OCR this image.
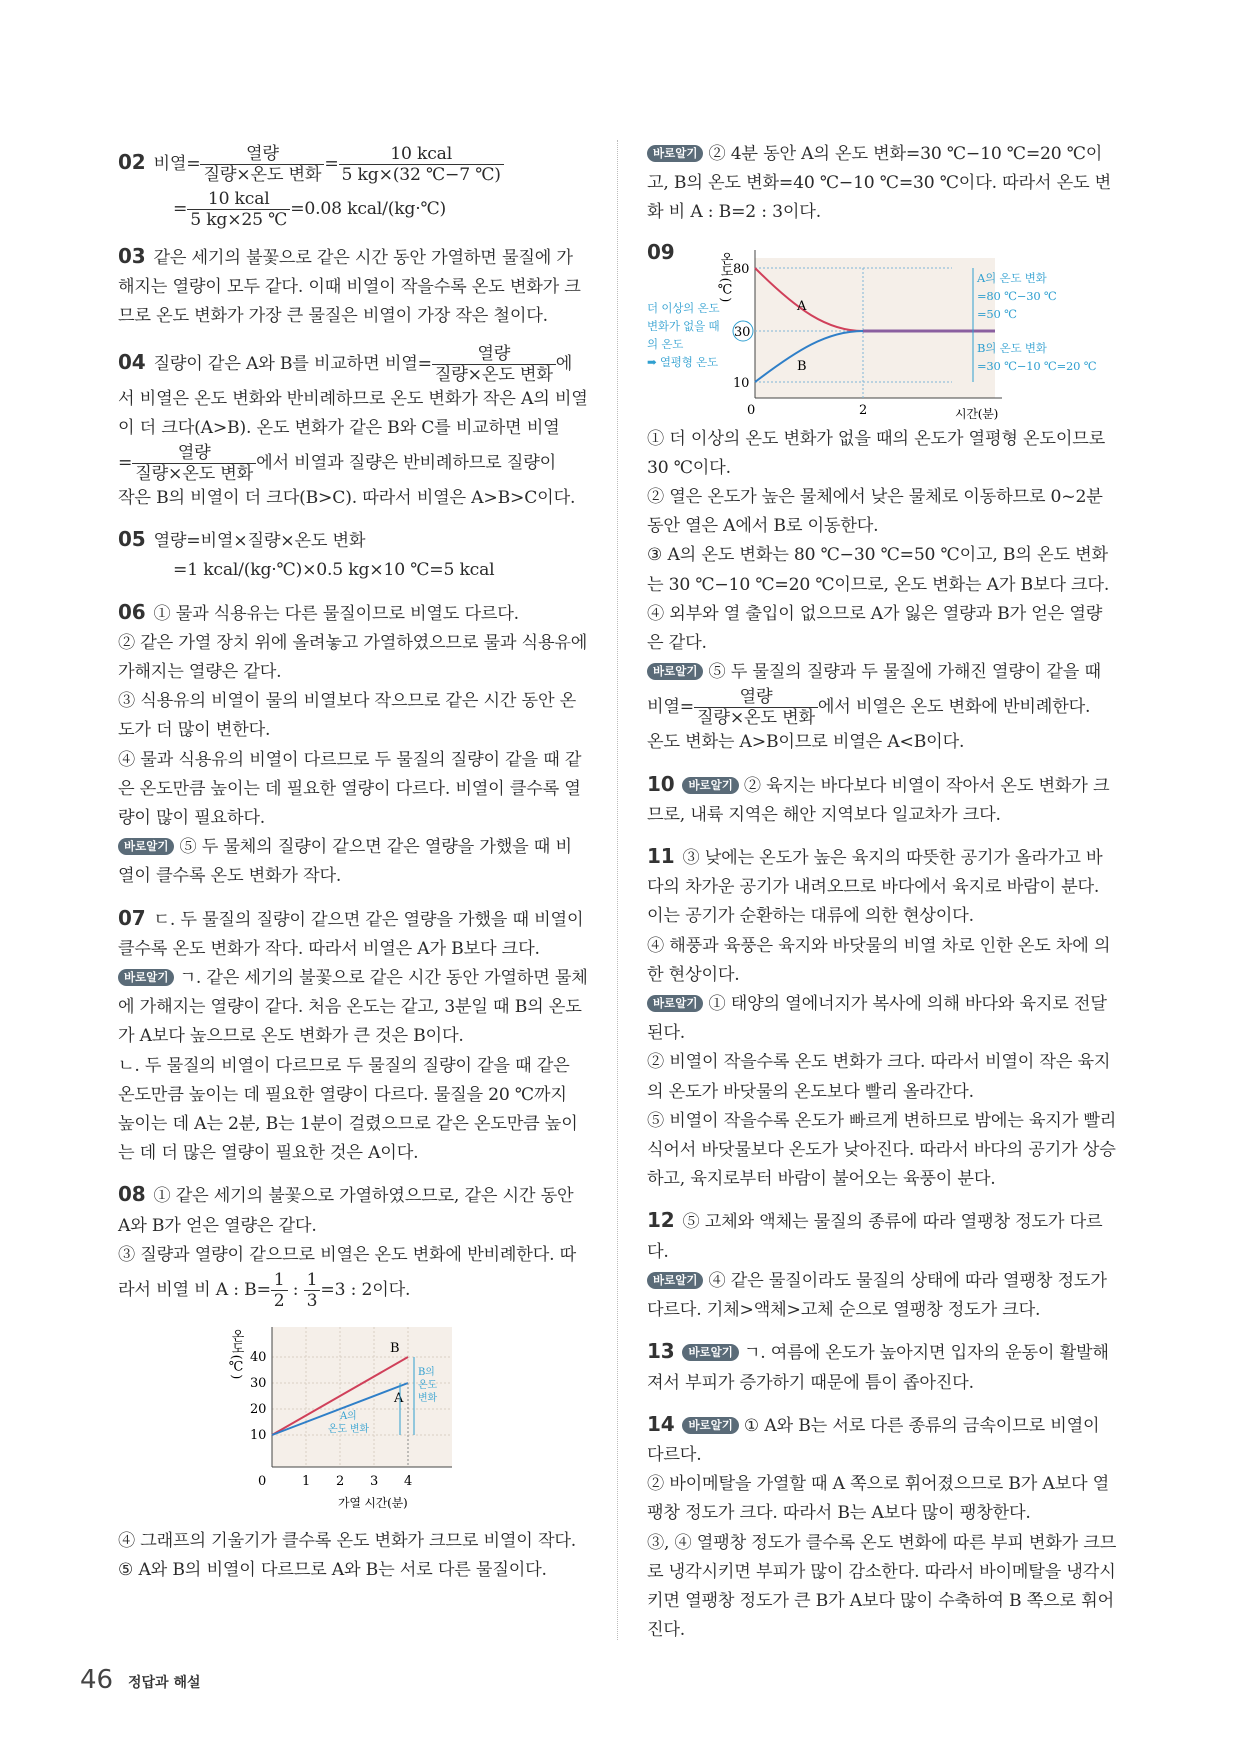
02 비열= $\frac{\text{열량}}{\text{질량×온도 변화}} = \frac{\text{10 kcal}}{5 kg\times(32 ℃-7 ℃)}$

= $\frac{\text{10 kcal}}{5 kg\times 25 ℃} =0.08$ kcal/(kg·℃)

03 같은 세기의 불꽃으로 같은 시간 동안 가열하면 물질에 가해지는 열량이 모두 같다. 이때 비열이 작을수록 온도 변화가 크므로 온도 변화가 가장 큰 물질은 비열이 가장 작은 철이다.

04 질량이 같은 A와 B를 비교하면 비열= $\frac{\text{열량}}{\text{질량×온도 변화}}$ 에서 비열은 온도 변화와 반비례하므로 온도 변화가 작은 A의 비열이 더 크다(A>B). 온도 변화가 같은 B와 C를 비교하면 비열

= $\frac{\text{열량}}{\text{질량×온도 변화}}$ 에서 비열과 질량은 반비례하므로 질량이

작은 B의 비열이 더 크다(B>C). 따라서 비열은 A>B>C이다.

05 열량=비열×질량×온도 변화

=1 kcal/(kg·℃)×0.5 kg×10 ℃=5 kcal

06 ① 물과 식용유는 다른 물질이므로 비열도 다르다.

② 같은 가열 장치 위에 올려놓고 가열하였으므로 물과 식용유에 가해지는 열량은 같다.

③ 식용유의 비열이 물의 비열보다 작으므로 같은 시간 동안 온도가 더 많이 변한다.

④ 물과 식용유의 비열이 다르므로 두 물질의 질량이 같을 때 같은 온도만큼 높이는 데 필요한 열량이 다르다. 비열이 클수록 열량이 많이 필요하다.

바로알기 ⑤ 두 물체의 질량이 같으면 같은 열량을 가했을 때 비열이 클수록 온도 변화가 작다.

07 ㄷ. 두 물질의 질량이 같으면 같은 열량을 가했을 때 비열이 클수록 온도 변화가 작다. 따라서 비열은 A가 B보다 크다.

바로알기 ㄱ. 같은 세기의 불꽃으로 같은 시간 동안 가열하면 물체에 가해지는 열량이 같다. 처음 온도는 같고, 3분일 때 B의 온도가 A보다 높으므로 온도 변화가 큰 것은 B이다.

ㄴ. 두 물질의 비열이 다르므로 두 물질의 질량이 같을 때 같은 온도만큼 높이는 데 필요한 열량이 다르다. 물질을 20 ℃까지 높이는 데 A는 2분, B는 1분이 걸렸으므로 같은 온도만큼 높이는 데 더 많은 열량이 필요한 것은 A이다.

08 ① 같은 세기의 불꽃으로 가열하였으므로, 같은 시간 동안 A와 B가 얻은 열량은 같다.

③ 질량과 열량이 같으므로 비열은 온도 변화에 반비례한다. 따

라서 비열 비 A : $B= \frac{1}{2}$ : $\frac{1}{3} =3$ : 2이다.

온도(℃) 40
30
20
10
0	1 2 3 4
가열 시간(분)
B
A
B의
온도
변화
A의
온도 변화

④ 그래프의 기울기가 클수록 온도 변화가 크므로 비열이 작다.

⑤ A와 B의 비열이 다르므로 A와 B는 서로 다른 물질이다.

바로알기 ② 4분 동안 A의 온도 변화=30 ℃−10 ℃=20 ℃이고, B의 온도 변화=40 ℃−10 ℃=30 ℃이다. 따라서 온도 변화 비 A : B=2 : 3이다.

09	온도(℃) 80
30
10
0	2	시간(분)
A
B
더 이상의 온도
변화가 없을 때
의 온도
➡ 열평형 온도
A의 온도 변화
=80 ℃−30 ℃
=50 ℃
B의 온도 변화
=30 ℃−10 ℃=20 ℃

① 더 이상의 온도 변화가 없을 때의 온도가 열평형 온도이므로 30 ℃이다.

② 열은 온도가 높은 물체에서 낮은 물체로 이동하므로 0~2분 동안 열은 A에서 B로 이동한다.

③ A의 온도 변화는 80 ℃−30 ℃=50 ℃이고, B의 온도 변화는 30 ℃−10 ℃=20 ℃이므로, 온도 변화는 A가 B보다 크다.

④ 외부와 열 출입이 없으므로 A가 잃은 열량과 B가 얻은 열량은 같다.

바로알기 ⑤ 두 물질의 질량과 두 물질에 가해진 열량이 같을 때

비열= $\frac{\text{열량}}{\text{질량×온도 변화}}$ 에서 비열은 온도 변화에 반비례한다.

온도 변화는 A>B이므로 비열은 A<B이다.

10 바로알기 ② 육지는 바다보다 비열이 작아서 온도 변화가 크므로, 내륙 지역은 해안 지역보다 일교차가 크다.

11 ③ 낮에는 온도가 높은 육지의 따뜻한 공기가 올라가고 바다의 차가운 공기가 내려오므로 바다에서 육지로 바람이 분다. 이는 공기가 순환하는 대류에 의한 현상이다.

④ 해풍과 육풍은 육지와 바닷물의 비열 차로 인한 온도 차에 의한 현상이다.

바로알기 ① 태양의 열에너지가 복사에 의해 바다와 육지로 전달된다.

② 비열이 작을수록 온도 변화가 크다. 따라서 비열이 작은 육지의 온도가 바닷물의 온도보다 빨리 올라간다.

⑤ 비열이 작을수록 온도가 빠르게 변하므로 밤에는 육지가 빨리 식어서 바닷물보다 온도가 낮아진다. 따라서 바다의 공기가 상승하고, 육지로부터 바람이 불어오는 육풍이 분다.

12 ⑤ 고체와 액체는 물질의 종류에 따라 열팽창 정도가 다르다.

바로알기 ④ 같은 물질이라도 물질의 상태에 따라 열팽창 정도가 다르다. 기체>액체>고체 순으로 열팽창 정도가 크다.

13 바로알기 ㄱ. 여름에 온도가 높아지면 입자의 운동이 활발해져서 부피가 증가하기 때문에 틈이 좁아진다.

14 바로알기 ① A와 B는 서로 다른 종류의 금속이므로 비열이 다르다.

② 바이메탈을 가열할 때 A 쪽으로 휘어졌으므로 B가 A보다 열팽창 정도가 크다. 따라서 B는 A보다 많이 팽창한다.

③, ④ 열팽창 정도가 클수록 온도 변화에 따른 부피 변화가 크므로 냉각시키면 부피가 많이 감소한다. 따라서 바이메탈을 냉각시키면 열팽창 정도가 큰 B가 A보다 많이 수축하여 B 쪽으로 휘어진다.

46 정답과 해설
